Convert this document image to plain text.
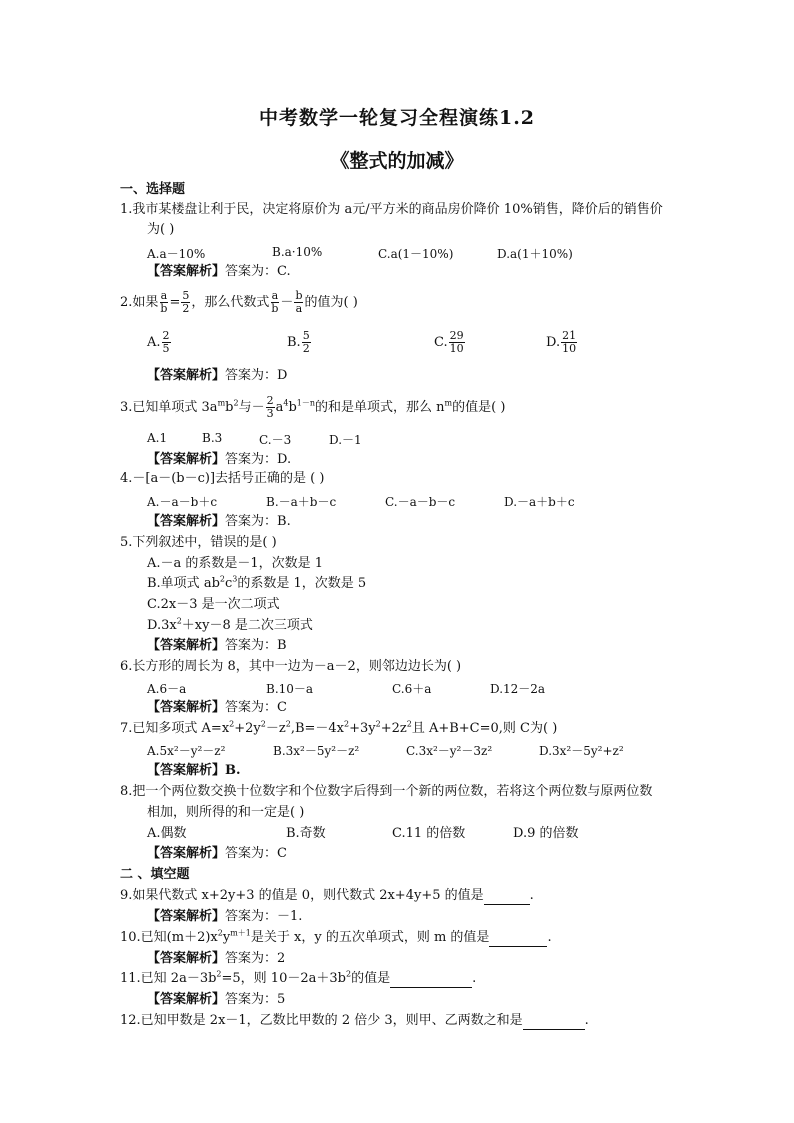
中考数学一轮复习全程演练1.2
《整式的加减》
一、选择题
1.我市某楼盘让利于民，决定将原价为 a元/平方米的商品房价降价 10%销售，降价后的销售价
为( )
A.a－10%	B.a·10%	C.a(1－10%)	D.a(1＋10%)
【答案解析】答案为：C.
2.如果 $\frac{a}{b} = \frac{5}{2}$ ，那么代数式 $\frac{a}{b} - \frac{b}{a}$ 的值为( )
A. $\frac{2}{5}$	B. $\frac{5}{2}$	C. $\frac{29}{10}$	D. $\frac{21}{10}$
【答案解析】答案为：D
3.已知单项式 $3a^mb^2$与－ $\frac{2}{3} a^4b^{1-n}$的和是单项式，那么 $n^m$的值是( )
A.1	B.3	C.－3	D.－1
【答案解析】答案为：D.
4.－[a－(b－c)]去括号正确的是 ( )
A.－a－b＋c	B.－a＋b－c	C.－a－b－c	D.－a＋b＋c
【答案解析】答案为：B.
5.下列叙述中，错误的是( )
A.－a 的系数是－1，次数是 1
B.单项式 $ab^2c^3$的系数是 1，次数是 5
C.2x－3 是一次二项式
$D.3x^2+xy-8$ 是二次三项式
【答案解析】答案为：B
6.长方形的周长为 8，其中一边为－a－2，则邻边边长为( )
A.6－a	B.10－a	C.6＋a	D.12－2a
【答案解析】答案为：C
7.已知多项式 $A=x^2+2y^2-z^2,B=-4x^2+3y^2+2z^2$且 A+B+C=0,则 C为( )
A.5x²－y²－z²	B.3x²－5y²－z²	C.3x²－y²－3z²	D.3x²－5y²+z²
【答案解析】B.
8.把一个两位数交换十位数字和个位数字后得到一个新的两位数，若将这个两位数与原两位数
相加，则所得的和一定是( )
A.偶数	B.奇数	C.11 的倍数	D.9 的倍数
【答案解析】答案为：C
二 、填空题
9.如果代数式 x+2y+3 的值是 0，则代数式 2x+4y+5 的值是	.
【答案解析】答案为：－1.
10.已知$(m+2)x^2y^{m+1}$是关于 x，y 的五次单项式，则 m 的值是	.
【答案解析】答案为：2
11.已知 $2a-3b^2=5$，则 $10-2a+3b^2$的值是	.
【答案解析】答案为：5
12.已知甲数是 2x－1，乙数比甲数的 2 倍少 3，则甲、乙两数之和是	.
